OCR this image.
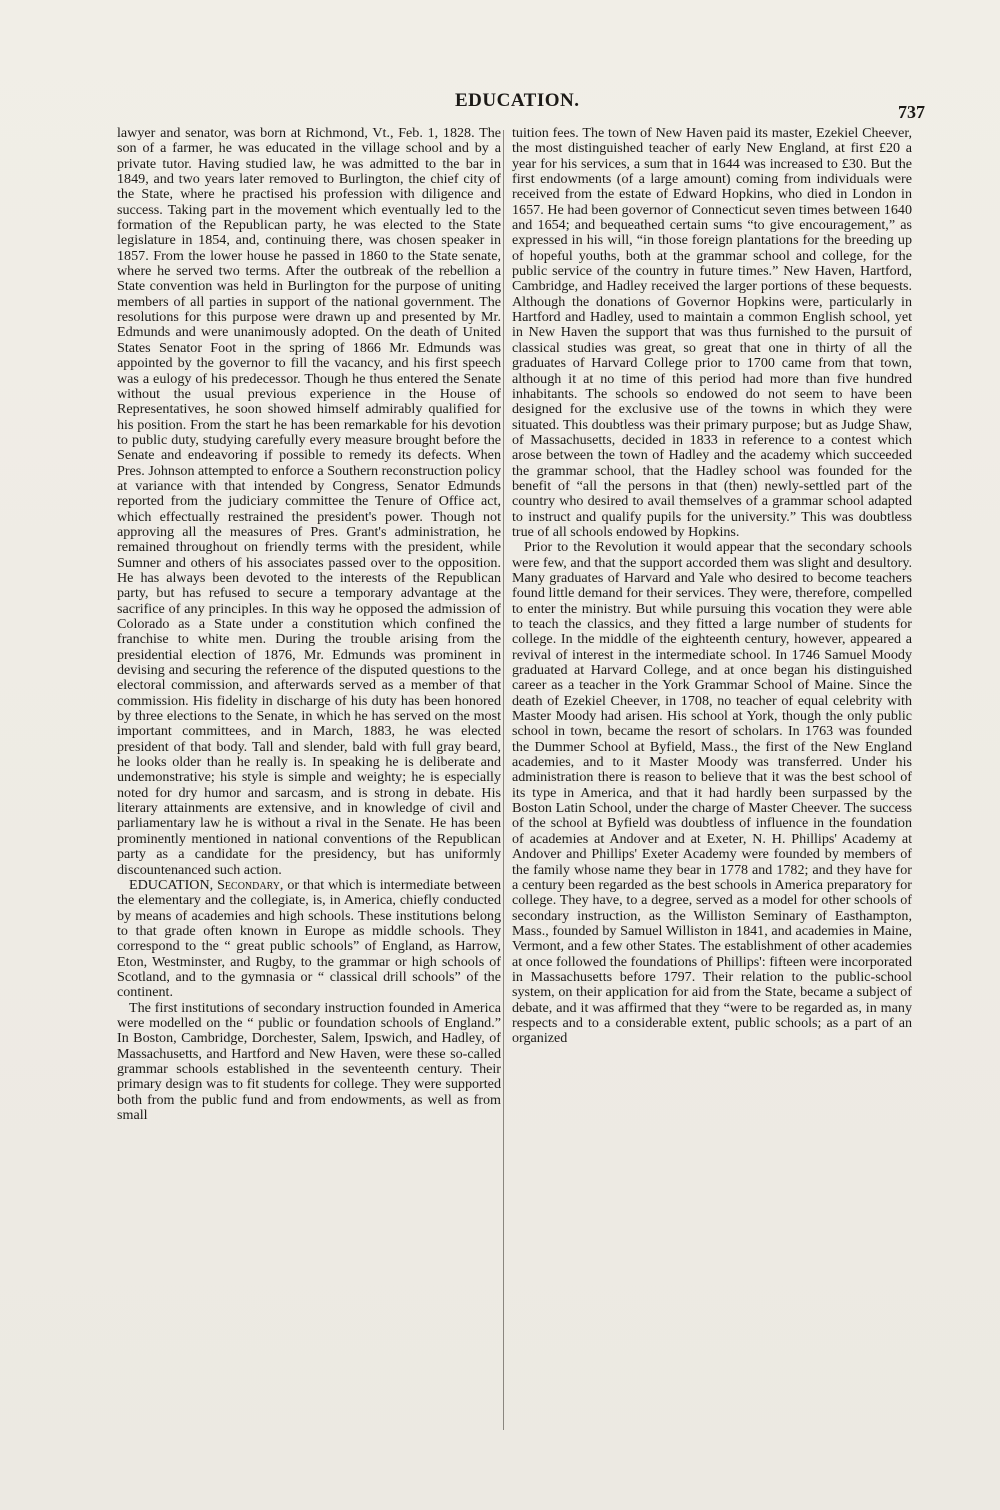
EDUCATION.
737

lawyer and senator, was born at Richmond, Vt., Feb. 1, 1828. The son of a farmer, he was educated in the village school and by a private tutor. Having studied law, he was admitted to the bar in 1849, and two years later removed to Burlington, the chief city of the State, where he practised his profession with diligence and success. Taking part in the movement which eventually led to the formation of the Republican party, he was elected to the State legislature in 1854, and, continuing there, was chosen speaker in 1857. From the lower house he passed in 1860 to the State senate, where he served two terms. After the outbreak of the rebellion a State convention was held in Burlington for the purpose of uniting members of all parties in support of the national government. The resolutions for this purpose were drawn up and presented by Mr. Edmunds and were unanimously adopted. On the death of United States Senator Foot in the spring of 1866 Mr. Edmunds was appointed by the governor to fill the vacancy, and his first speech was a eulogy of his predecessor. Though he thus entered the Senate without the usual previous experience in the House of Representatives, he soon showed himself admirably qualified for his position. From the start he has been remarkable for his devotion to public duty, studying carefully every measure brought before the Senate and endeavoring if possible to remedy its defects. When Pres. Johnson attempted to enforce a Southern reconstruction policy at variance with that intended by Congress, Senator Edmunds reported from the judiciary committee the Tenure of Office act, which effectually restrained the president's power. Though not approving all the measures of Pres. Grant's administration, he remained throughout on friendly terms with the president, while Sumner and others of his associates passed over to the opposition. He has always been devoted to the interests of the Republican party, but has refused to secure a temporary advantage at the sacrifice of any principles. In this way he opposed the admission of Colorado as a State under a constitution which confined the franchise to white men. During the trouble arising from the presidential election of 1876, Mr. Edmunds was prominent in devising and securing the reference of the disputed questions to the electoral commission, and afterwards served as a member of that commission. His fidelity in discharge of his duty has been honored by three elections to the Senate, in which he has served on the most important committees, and in March, 1883, he was elected president of that body. Tall and slender, bald with full gray beard, he looks older than he really is. In speaking he is deliberate and undemonstrative; his style is simple and weighty; he is especially noted for dry humor and sarcasm, and is strong in debate. His literary attainments are extensive, and in knowledge of civil and parliamentary law he is without a rival in the Senate. He has been prominently mentioned in national conventions of the Republican party as a candidate for the presidency, but has uniformly discountenanced such action.

EDUCATION, Secondary, or that which is intermediate between the elementary and the collegiate, is, in America, chiefly conducted by means of academies and high schools. These institutions belong to that grade often known in Europe as middle schools. They correspond to the “ great public schools” of England, as Harrow, Eton, Westminster, and Rugby, to the grammar or high schools of Scotland, and to the gymnasia or “ classical drill schools” of the continent.

The first institutions of secondary instruction founded in America were modelled on the “ public or foundation schools of England.” In Boston, Cambridge, Dorchester, Salem, Ipswich, and Hadley, of Massachusetts, and Hartford and New Haven, were these so-called grammar schools established in the seventeenth century. Their primary design was to fit students for college. They were supported both from the public fund and from endowments, as well as from small

tuition fees. The town of New Haven paid its master, Ezekiel Cheever, the most distinguished teacher of early New England, at first £20 a year for his services, a sum that in 1644 was increased to £30. But the first endowments (of a large amount) coming from individuals were received from the estate of Edward Hopkins, who died in London in 1657. He had been governor of Connecticut seven times between 1640 and 1654; and bequeathed certain sums “to give encouragement,” as expressed in his will, “in those foreign plantations for the breeding up of hopeful youths, both at the grammar school and college, for the public service of the country in future times.” New Haven, Hartford, Cambridge, and Hadley received the larger portions of these bequests. Although the donations of Governor Hopkins were, particularly in Hartford and Hadley, used to maintain a common English school, yet in New Haven the support that was thus furnished to the pursuit of classical studies was great, so great that one in thirty of all the graduates of Harvard College prior to 1700 came from that town, although it at no time of this period had more than five hundred inhabitants. The schools so endowed do not seem to have been designed for the exclusive use of the towns in which they were situated. This doubtless was their primary purpose; but as Judge Shaw, of Massachusetts, decided in 1833 in reference to a contest which arose between the town of Hadley and the academy which succeeded the grammar school, that the Hadley school was founded for the benefit of “all the persons in that (then) newly-settled part of the country who desired to avail themselves of a grammar school adapted to instruct and qualify pupils for the university.” This was doubtless true of all schools endowed by Hopkins.

Prior to the Revolution it would appear that the secondary schools were few, and that the support accorded them was slight and desultory. Many graduates of Harvard and Yale who desired to become teachers found little demand for their services. They were, therefore, compelled to enter the ministry. But while pursuing this vocation they were able to teach the classics, and they fitted a large number of students for college. In the middle of the eighteenth century, however, appeared a revival of interest in the intermediate school. In 1746 Samuel Moody graduated at Harvard College, and at once began his distinguished career as a teacher in the York Grammar School of Maine. Since the death of Ezekiel Cheever, in 1708, no teacher of equal celebrity with Master Moody had arisen. His school at York, though the only public school in town, became the resort of scholars. In 1763 was founded the Dummer School at Byfield, Mass., the first of the New England academies, and to it Master Moody was transferred. Under his administration there is reason to believe that it was the best school of its type in America, and that it had hardly been surpassed by the Boston Latin School, under the charge of Master Cheever. The success of the school at Byfield was doubtless of influence in the foundation of academies at Andover and at Exeter, N. H. Phillips' Academy at Andover and Phillips' Exeter Academy were founded by members of the family whose name they bear in 1778 and 1782; and they have for a century been regarded as the best schools in America preparatory for college. They have, to a degree, served as a model for other schools of secondary instruction, as the Williston Seminary of Easthampton, Mass., founded by Samuel Williston in 1841, and academies in Maine, Vermont, and a few other States. The establishment of other academies at once followed the foundations of Phillips': fifteen were incorporated in Massachusetts before 1797. Their relation to the public-school system, on their application for aid from the State, became a subject of debate, and it was affirmed that they “were to be regarded as, in many respects and to a considerable extent, public schools; as a part of an organized
